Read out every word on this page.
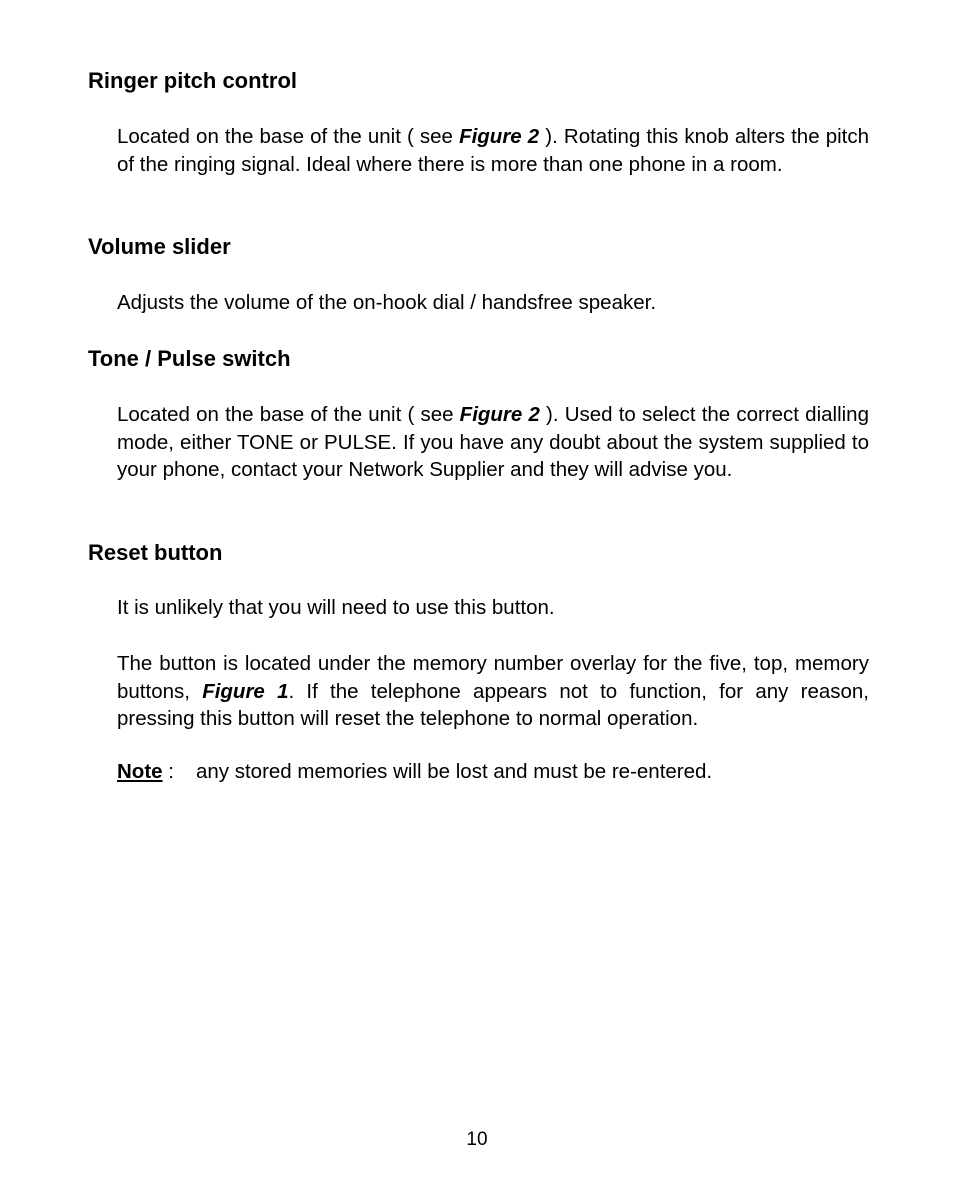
Ringer pitch control

Located on the base of the unit ( see Figure 2 ). Rotating this knob alters the pitch of the ringing signal. Ideal where there is more than one phone in a room.

Volume slider

Adjusts the volume of the on-hook dial / handsfree speaker.

Tone / Pulse switch

Located on the base of the unit ( see Figure 2 ). Used to select the correct dialling mode, either TONE or PULSE. If you have any doubt about the system supplied to your phone, contact your Network Supplier and they will advise you.

Reset button

It is unlikely that you will need to use this button.

The button is located under the memory number overlay for the five, top, memory buttons, Figure 1. If the telephone appears not to function, for any reason, pressing this button will reset the telephone to normal operation.

Note : any stored memories will be lost and must be re-entered.

10
